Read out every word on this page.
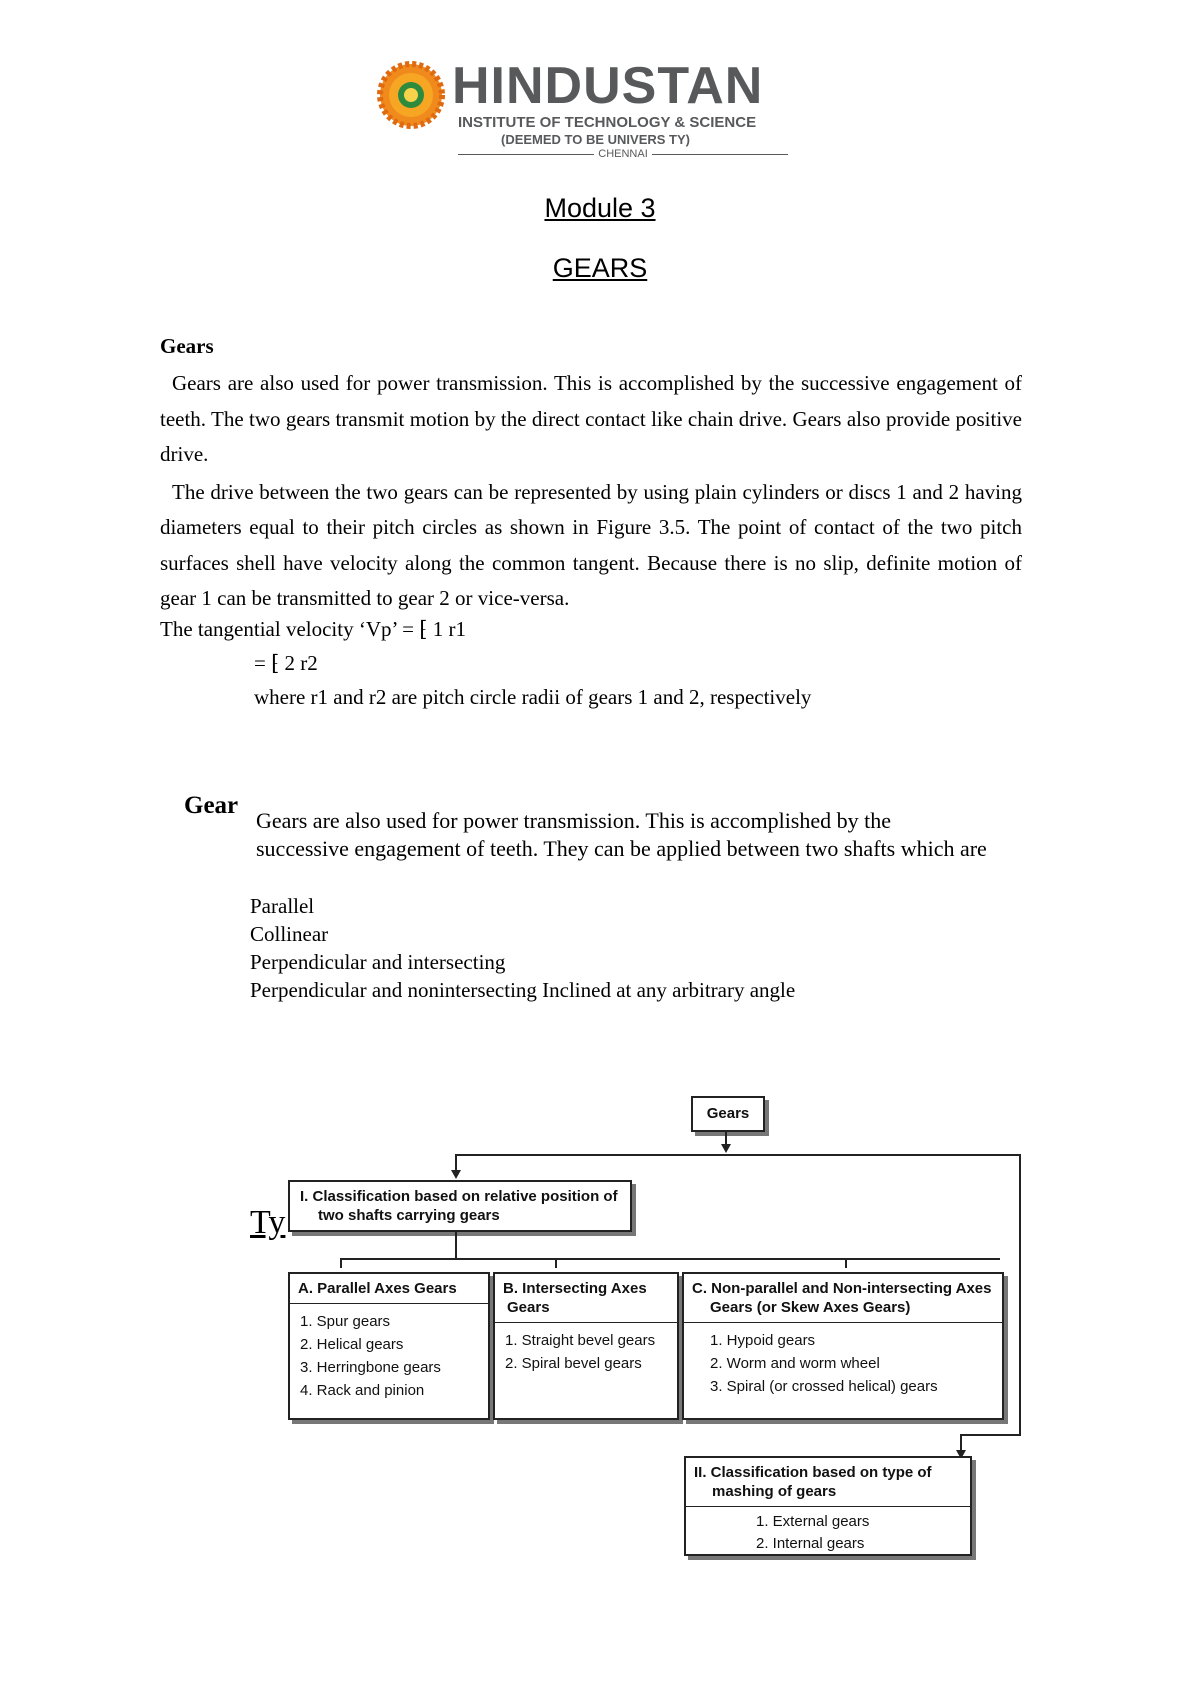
HINDUSTAN
INSTITUTE OF TECHNOLOGY & SCIENCE
(DEEMED TO BE UNIVERS TY)
CHENNAI
Module 3
GEARS
Gears

Gears are also used for power transmission. This is accomplished by the successive engagement of teeth. The two gears transmit motion by the direct contact like chain drive. Gears also provide positive drive.

The drive between the two gears can be represented by using plain cylinders or discs 1 and 2 having diameters equal to their pitch circles as shown in Figure 3.5. The point of contact of the two pitch surfaces shell have velocity along the common tangent. Because there is no slip, definite motion of gear 1 can be transmitted to gear 2 or vice-versa.

The tangential velocity ‘Vp’ = ⁅ 1 r1
= ⁅ 2 r2
where r1 and r2 are pitch circle radii of gears 1 and 2, respectively
Gear
Gears are also used for power transmission. This is accomplished by the
successive engagement of teeth. They can be applied between two shafts which are
Parallel
Collinear
Perpendicular and intersecting
Perpendicular and nonintersecting Inclined at any arbitrary angle
Ty
Gears
I. Classification based on relative position of two shafts carrying gears
A. Parallel Axes Gears
1. Spur gears
2. Helical gears
3. Herringbone gears
4. Rack and pinion
B. Intersecting Axes Gears
1. Straight bevel gears
2. Spiral bevel gears
C. Non-parallel and Non-intersecting Axes Gears (or Skew Axes Gears)
1. Hypoid gears
2. Worm and worm wheel
3. Spiral (or crossed helical) gears
II. Classification based on type of mashing of gears
1. External gears
2. Internal gears
